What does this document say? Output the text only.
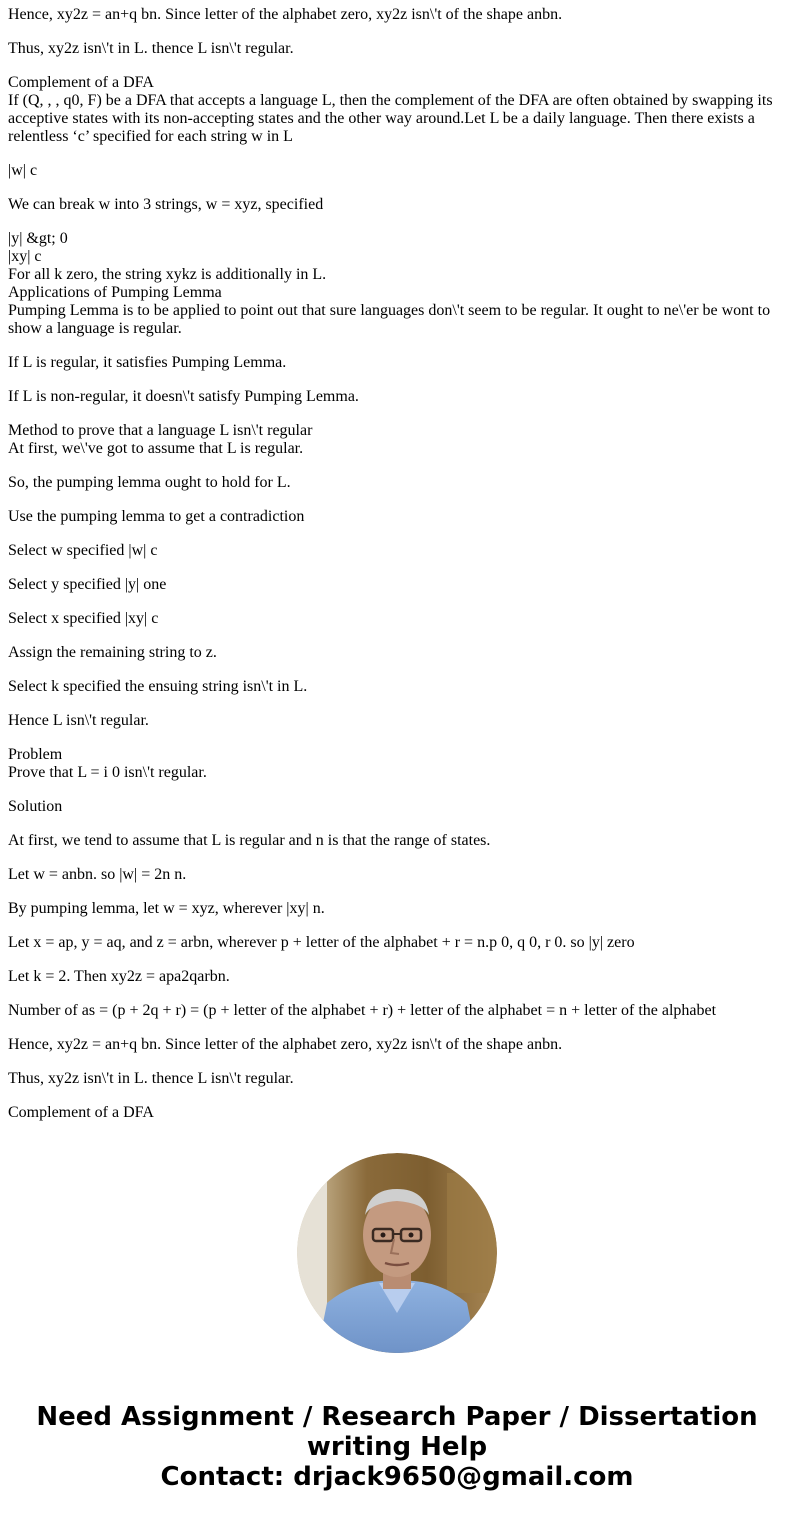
Hence, xy2z = an+q bn. Since letter of the alphabet zero, xy2z isn\'t of the shape anbn.

Thus, xy2z isn\'t in L. thence L isn\'t regular.

Complement of a DFA
If (Q, , , q0, F) be a DFA that accepts a language L, then the complement of the DFA are often obtained by swapping its acceptive states with its non-accepting states and the other way around.Let L be a daily language. Then there exists a relentless ‘c’ specified for each string w in L

|w| c

We can break w into 3 strings, w = xyz, specified

|y| &gt; 0
|xy| c
For all k zero, the string xykz is additionally in L.
Applications of Pumping Lemma
Pumping Lemma is to be applied to point out that sure languages don\'t seem to be regular. It ought to ne\'er be wont to show a language is regular.

If L is regular, it satisfies Pumping Lemma.

If L is non-regular, it doesn\'t satisfy Pumping Lemma.

Method to prove that a language L isn\'t regular
At first, we\'ve got to assume that L is regular.

So, the pumping lemma ought to hold for L.

Use the pumping lemma to get a contradiction

Select w specified |w| c

Select y specified |y| one

Select x specified |xy| c

Assign the remaining string to z.

Select k specified the ensuing string isn\'t in L.

Hence L isn\'t regular.

Problem
Prove that L = i 0 isn\'t regular.

Solution

At first, we tend to assume that L is regular and n is that the range of states.

Let w = anbn. so |w| = 2n n.

By pumping lemma, let w = xyz, wherever |xy| n.

Let x = ap, y = aq, and z = arbn, wherever p + letter of the alphabet + r = n.p 0, q 0, r 0. so |y| zero

Let k = 2. Then xy2z = apa2qarbn.

Number of as = (p + 2q + r) = (p + letter of the alphabet + r) + letter of the alphabet = n + letter of the alphabet

Hence, xy2z = an+q bn. Since letter of the alphabet zero, xy2z isn\'t of the shape anbn.

Thus, xy2z isn\'t in L. thence L isn\'t regular.

Complement of a DFA

Need Assignment / Research Paper / Dissertation
writing Help
Contact: drjack9650@gmail.com
